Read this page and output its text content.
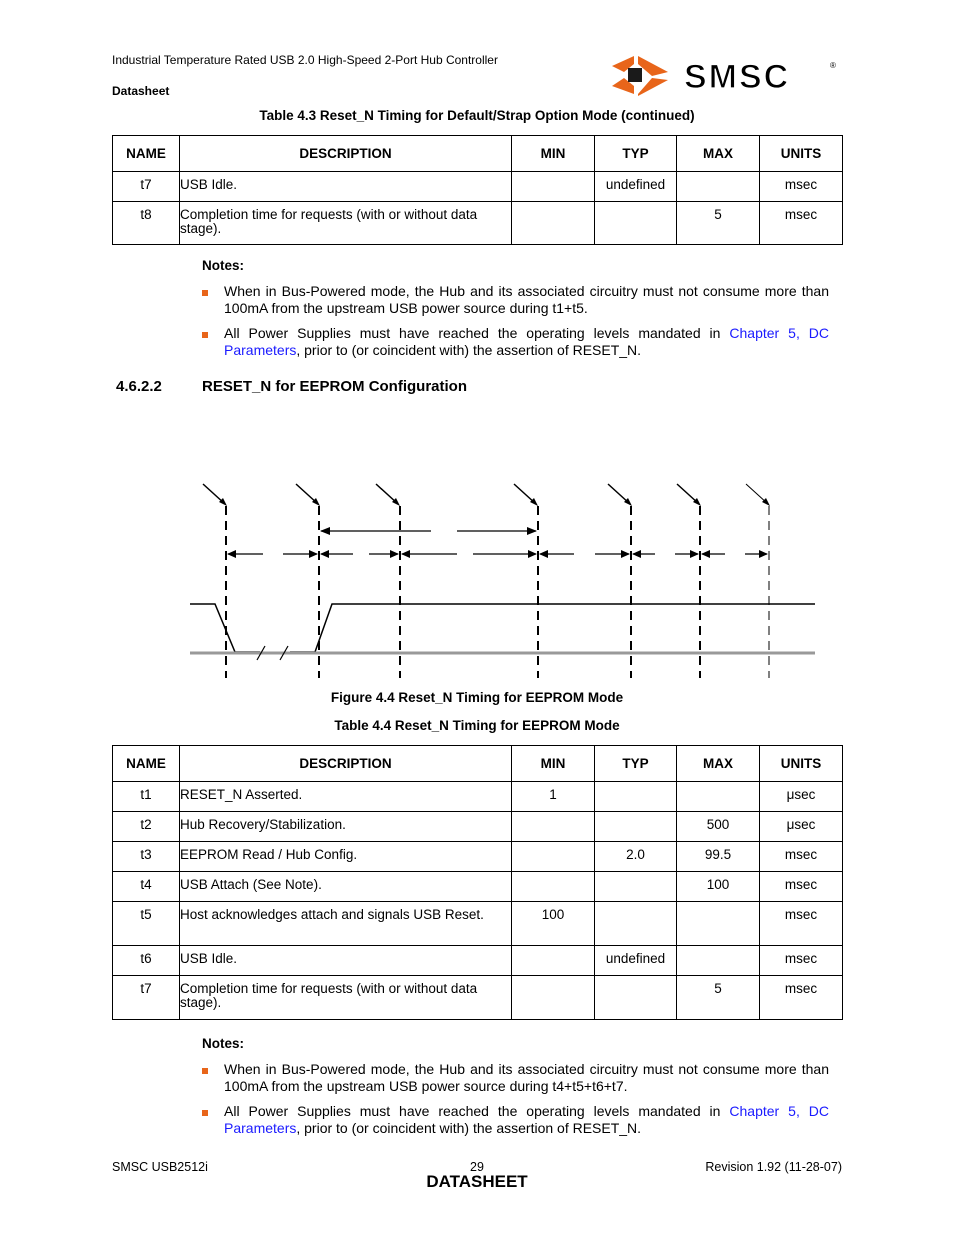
Industrial Temperature Rated USB 2.0 High-Speed 2-Port Hub Controller
Datasheet	SMSC	®
Table 4.3 Reset_N Timing for Default/Strap Option Mode (continued)
NAME	DESCRIPTION	MIN	TYP	MAX	UNITS
t7	USB Idle.		undefined		msec
t8	Completion time for requests (with or without data stage).			5	msec
Notes:
When in Bus-Powered mode, the Hub and its associated circuitry must not consume more than 100mA from the upstream USB power source during t1+t5.
All Power Supplies must have reached the operating levels mandated in Chapter 5, DC Parameters, prior to (or coincident with) the assertion of RESET_N.
4.6.2.2	RESET_N for EEPROM Configuration
Figure 4.4 Reset_N Timing for EEPROM Mode
Table 4.4 Reset_N Timing for EEPROM Mode
NAME	DESCRIPTION	MIN	TYP	MAX	UNITS
t1	RESET_N Asserted.	1			μsec
t2	Hub Recovery/Stabilization.			500	μsec
t3	EEPROM Read / Hub Config.		2.0	99.5	msec
t4	USB Attach (See Note).			100	msec
t5	Host acknowledges attach and signals USB Reset.	100			msec
t6	USB Idle.		undefined		msec
t7	Completion time for requests (with or without data stage).			5	msec
Notes:
When in Bus-Powered mode, the Hub and its associated circuitry must not consume more than 100mA from the upstream USB power source during t4+t5+t6+t7.
All Power Supplies must have reached the operating levels mandated in Chapter 5, DC Parameters, prior to (or coincident with) the assertion of RESET_N.
SMSC USB2512i	29
DATASHEET
Revision 1.92 (11-28-07)
